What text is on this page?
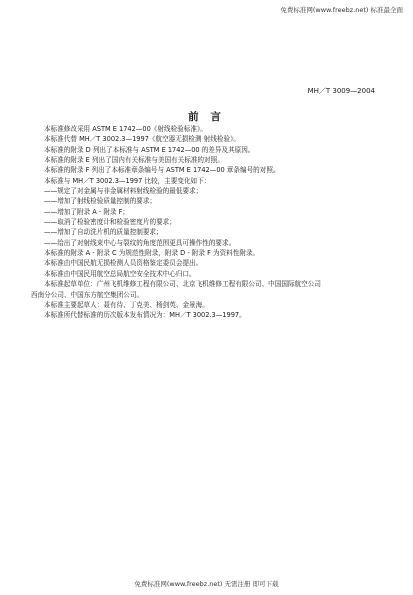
免费标准网(www.freebz.net) 标准最全面
MH／T 3009—2004
前 言

本标准修改采用 ASTM E 1742—00《射线检验标准》。

本标准代替 MH／T 3002.3—1997《航空器无损检测 射线检验》。

本标准的附录 D 列出了本标准与 ASTM E 1742—00 的差异及其原因。

本标准的附录 E 列出了国内有关标准与美国有关标准的对照。

本标准的附录 F 列出了本标准章条编号与 ASTM E 1742—00 章条编号的对照。

本标准与 MH／T 3002.3—1997 比较，主要变化如下：

——规定了对金属与非金属材料射线检验的最低要求；

——增加了射线检验质量控制的要求；

——增加了附录 A - 附录 F；

——取消了检验密度计和检验密度片的要求；

——增加了自动洗片机的质量控制要求；

——给出了对射线束中心与裂纹的角度范围更具可操作性的要求。

本标准的附录 A - 附录 C 为规范性附录，附录 D - 附录 F 为资料性附录。

本标准由中国民航无损检测人员资格鉴定委员会提出。

本标准由中国民用航空总局航空安全技术中心归口。

本标准起草单位：广州飞机维修工程有限公司、北京飞机维修工程有限公司、中国国际航空公司

西南分公司、中国东方航空集团公司。

本标准主要起草人：聂有待、丁克美、杨剑英、金景海。

本标准所代替标准的历次版本发布情况为：MH／T 3002.3—1997。

免费标准网(www.freebz.net) 无需注册 即可下载
